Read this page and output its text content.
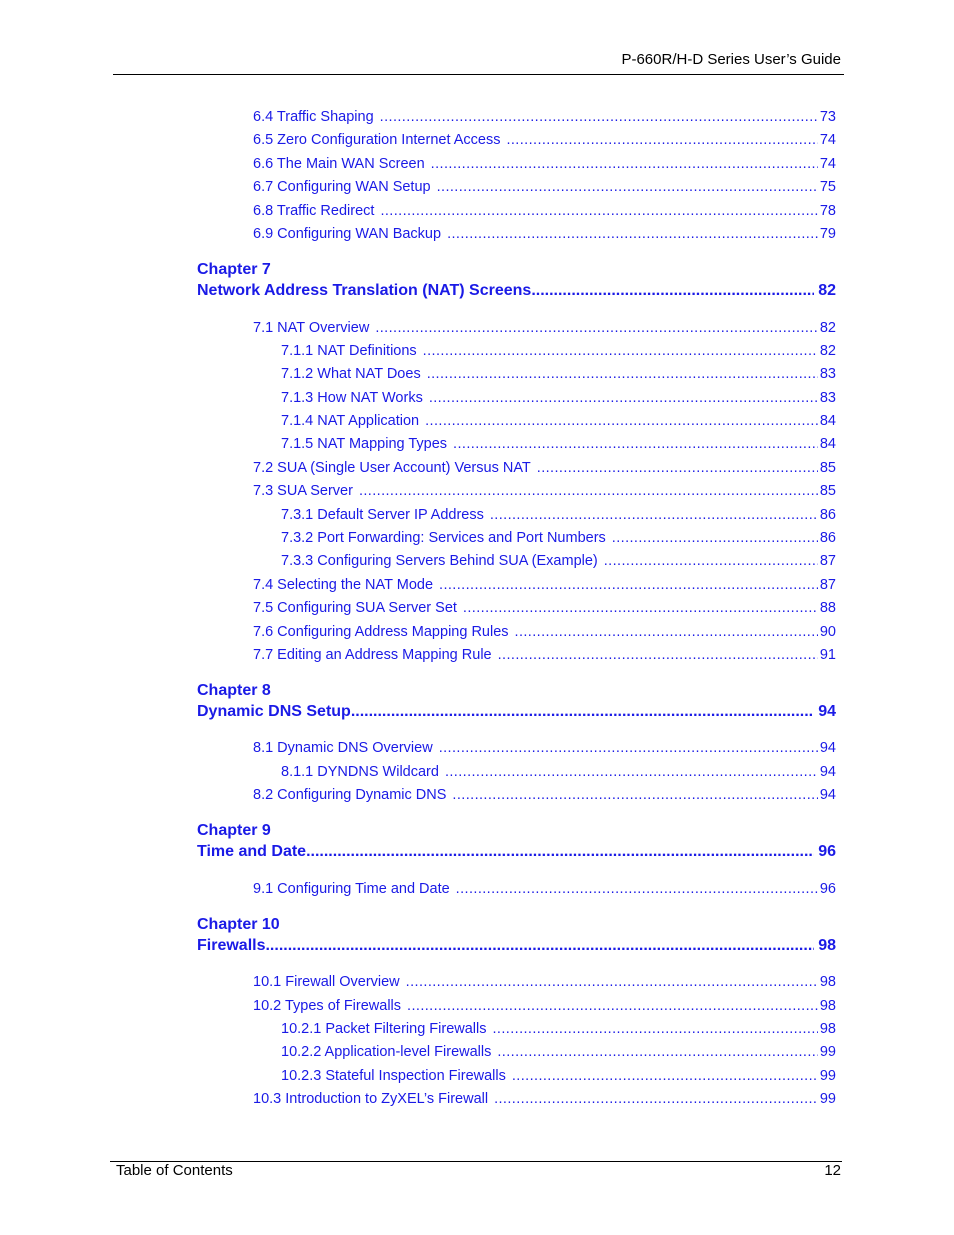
P-660R/H-D Series User’s Guide
6.4 Traffic Shaping .....	73
6.5 Zero Configuration Internet Access .....	74
6.6 The Main WAN Screen .....	74
6.7 Configuring WAN Setup .....	75
6.8 Traffic Redirect .....	78
6.9 Configuring WAN Backup .....	79
Chapter 7
Network Address Translation (NAT) Screens .....	82
7.1 NAT Overview .....	82
7.1.1 NAT Definitions .....	82
7.1.2 What NAT Does .....	83
7.1.3 How NAT Works .....	83
7.1.4 NAT Application .....	84
7.1.5 NAT Mapping Types .....	84
7.2 SUA (Single User Account) Versus NAT .....	85
7.3 SUA Server .....	85
7.3.1 Default Server IP Address .....	86
7.3.2 Port Forwarding: Services and Port Numbers .....	86
7.3.3 Configuring Servers Behind SUA (Example) .....	87
7.4 Selecting the NAT Mode .....	87
7.5 Configuring SUA Server Set .....	88
7.6 Configuring Address Mapping Rules .....	90
7.7 Editing an Address Mapping Rule .....	91
Chapter 8
Dynamic DNS Setup .....	94
8.1 Dynamic DNS Overview .....	94
8.1.1 DYNDNS Wildcard .....	94
8.2 Configuring Dynamic DNS .....	94
Chapter 9
Time and Date .....	96
9.1 Configuring Time and Date .....	96
Chapter 10
Firewalls .....	98
10.1 Firewall Overview .....	98
10.2 Types of Firewalls .....	98
10.2.1 Packet Filtering Firewalls .....	98
10.2.2 Application-level Firewalls .....	99
10.2.3 Stateful Inspection Firewalls .....	99
10.3 Introduction to ZyXEL’s Firewall .....	99
Table of Contents	12
